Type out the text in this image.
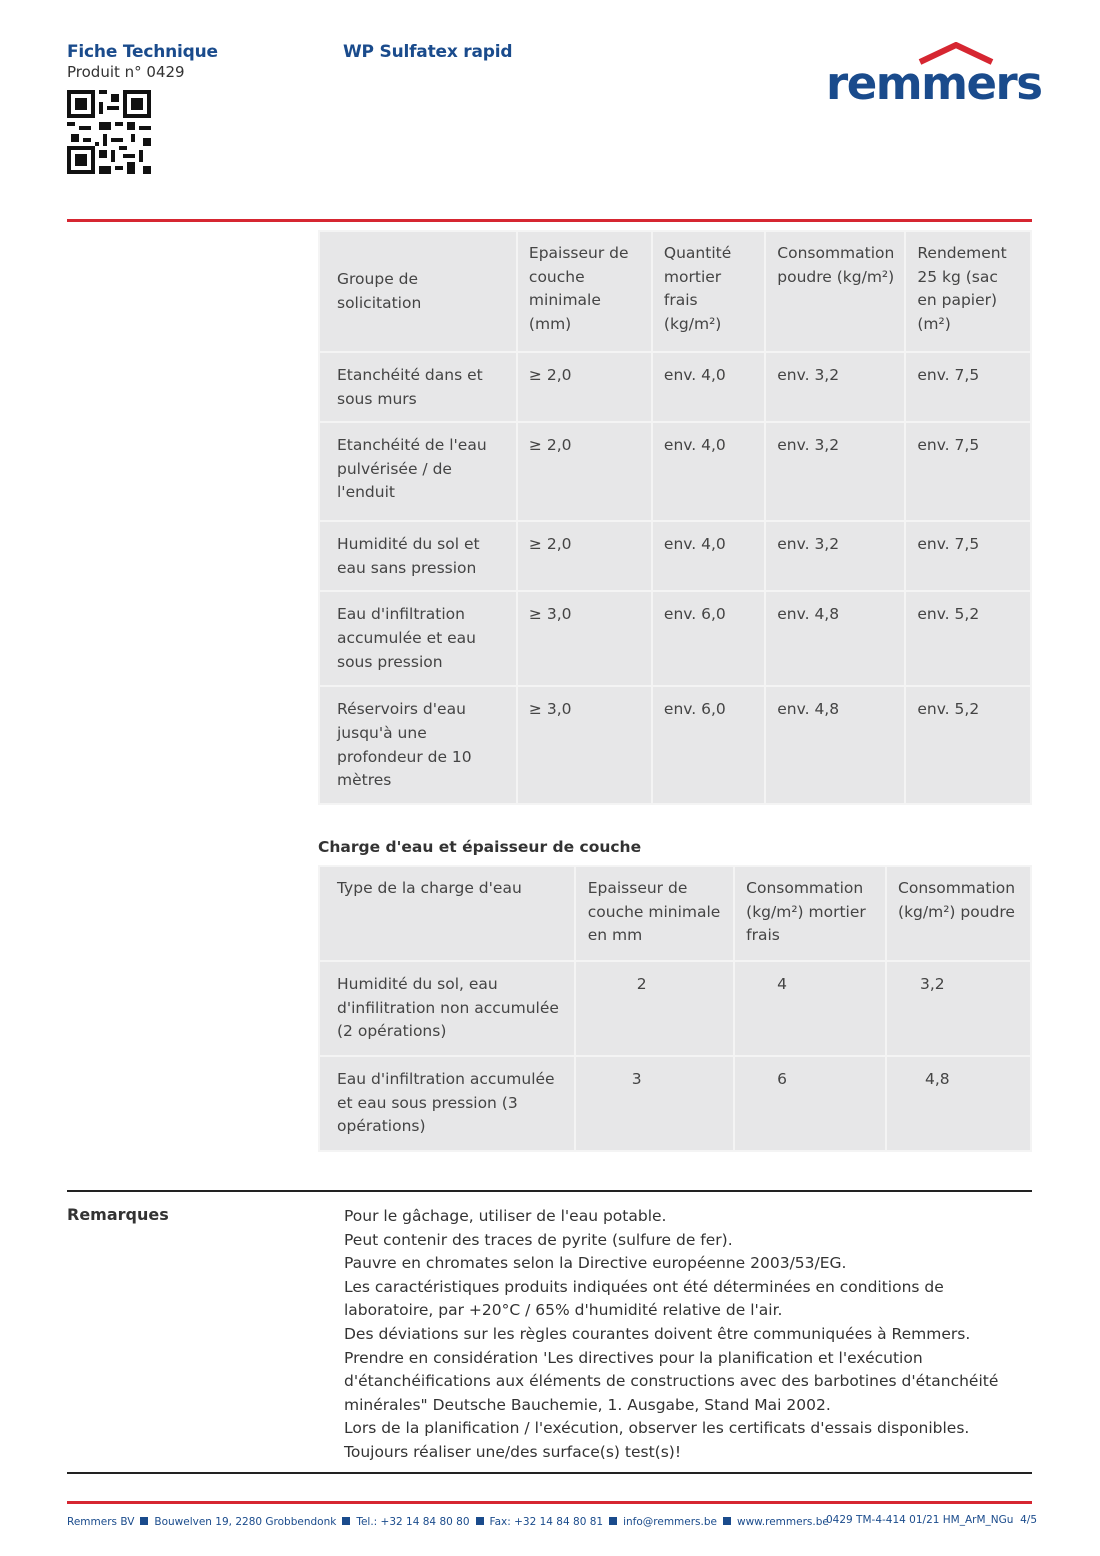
Fiche Technique
Produit n° 0429
WP Sulfatex rapid
remmers
Groupe de solicitation	Epaisseur de couche minimale (mm)	Quantité mortier frais (kg/m²)	Consommation poudre (kg/m²)	Rendement 25 kg (sac en papier) (m²)
Etanchéité dans et sous murs	≥ 2,0	env. 4,0	env. 3,2	env. 7,5
Etanchéité de l'eau pulvérisée / de l'enduit	≥ 2,0	env. 4,0	env. 3,2	env. 7,5
Humidité du sol et eau sans pression	≥ 2,0	env. 4,0	env. 3,2	env. 7,5
Eau d'infiltration accumulée et eau sous pression	≥ 3,0	env. 6,0	env. 4,8	env. 5,2
Réservoirs d'eau jusqu'à une profondeur de 10 mètres	≥ 3,0	env. 6,0	env. 4,8	env. 5,2
Charge d'eau et épaisseur de couche
Type de la charge d'eau	Epaisseur de couche minimale en mm	Consommation (kg/m²) mortier frais	Consommation (kg/m²) poudre
Humidité du sol, eau d'infilitration non accumulée (2 opérations)	2	4	3,2
Eau d'infiltration accumulée et eau sous pression (3 opérations)	3	6	4,8
Remarques	Pour le gâchage, utiliser de l'eau potable.
Peut contenir des traces de pyrite (sulfure de fer).
Pauvre en chromates selon la Directive européenne 2003/53/EG.
Les caractéristiques produits indiquées ont été déterminées en conditions de laboratoire, par +20°C / 65% d'humidité relative de l'air.
Des déviations sur les règles courantes doivent être communiquées à Remmers. Prendre en considération 'Les directives pour la planification et l'exécution d'étanchéifications aux éléments de constructions avec des barbotines d'étanchéité minérales" Deutsche Bauchemie, 1. Ausgabe, Stand Mai 2002.
Lors de la planification / l'exécution, observer les certificats d'essais disponibles.
Toujours réaliser une/des surface(s) test(s)!
Remmers BV Bouwelven 19, 2280 Grobbendonk Tel.: +32 14 84 80 80 Fax: +32 14 84 80 81 info@remmers.be www.remmers.be
0429 TM-4-414 01/21 HM_ArM_NGu 4/5
